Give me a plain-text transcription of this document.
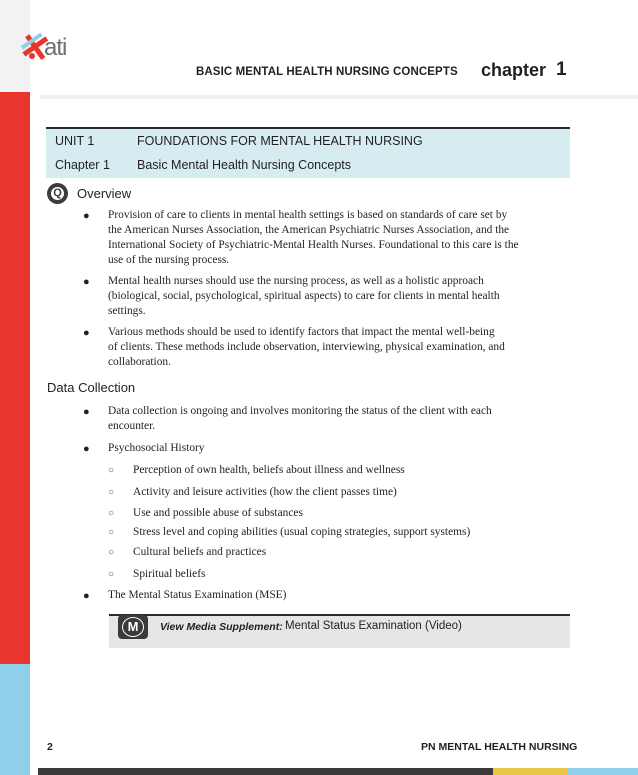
ati
BASIC MENTAL HEALTH NURSING CONCEPTS chapter 1
UNIT 1	FOUNDATIONS FOR MENTAL HEALTH NURSING
Chapter 1 Basic Mental Health Nursing Concepts
Q Overview
● Provision of care to clients in mental health settings is based on standards of care set by
the American Nurses Association, the American Psychiatric Nurses Association, and the
International Society of Psychiatric-Mental Health Nurses. Foundational to this care is the
use of the nursing process.
● Mental health nurses should use the nursing process, as well as a holistic approach
(biological, social, psychological, spiritual aspects) to care for clients in mental health
settings.
● Various methods should be used to identify factors that impact the mental well-being
of clients. These methods include observation, interviewing, physical examination, and
collaboration.
Data Collection
● Data collection is ongoing and involves monitoring the status of the client with each
encounter.
● Psychosocial History
○ Perception of own health, beliefs about illness and wellness
○ Activity and leisure activities (how the client passes time)
○ Use and possible abuse of substances
○ Stress level and coping abilities (usual coping strategies, support systems)
○ Cultural beliefs and practices
○ Spiritual beliefs
● The Mental Status Examination (MSE)
M	View Media Supplement: Mental Status Examination (Video)
2	PN MENTAL HEALTH NURSING
